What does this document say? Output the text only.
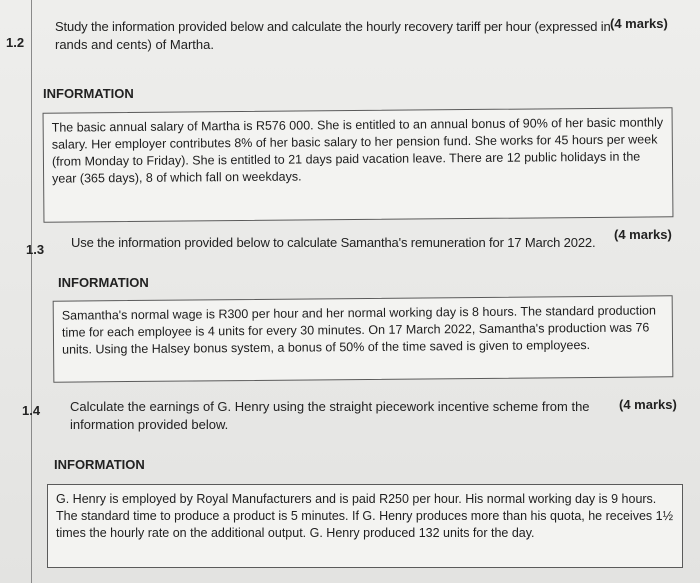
1.2
Study the information provided below and calculate the hourly recovery tariff per hour (expressed in
rands and cents) of Martha.
(4 marks)
INFORMATION
The basic annual salary of Martha is R576 000. She is entitled to an annual bonus of 90% of her basic monthly salary. Her employer contributes 8% of her basic salary to her pension fund. She works for 45 hours per week (from Monday to Friday). She is entitled to 21 days paid vacation leave. There are 12 public holidays in the year (365 days), 8 of which fall on weekdays.
1.3 Use the information provided below to calculate Samantha's remuneration for 17 March 2022.
(4 marks)
INFORMATION
Samantha's normal wage is R300 per hour and her normal working day is 8 hours. The standard production time for each employee is 4 units for every 30 minutes. On 17 March 2022, Samantha's production was 76 units. Using the Halsey bonus system, a bonus of 50% of the time saved is given to employees.
1.4 Calculate the earnings of G. Henry using the straight piecework incentive scheme from the
information provided below.
(4 marks)
INFORMATION
G. Henry is employed by Royal Manufacturers and is paid R250 per hour. His normal working day is 9 hours. The standard time to produce a product is 5 minutes. If G. Henry produces more than his quota, he receives 1½ times the hourly rate on the additional output. G. Henry produced 132 units for the day.
